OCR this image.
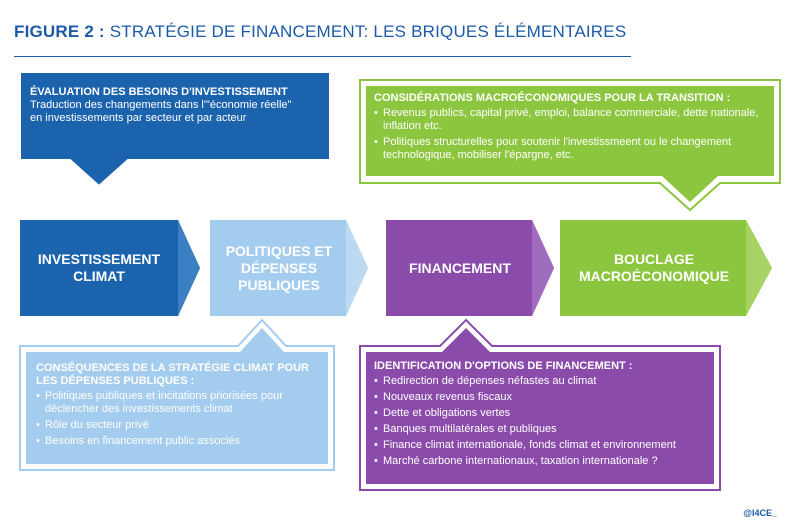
FIGURE 2 : STRATÉGIE DE FINANCEMENT: LES BRIQUES ÉLÉMENTAIRES
INVESTISSEMENT CLIMAT
POLITIQUES ET DÉPENSES PUBLIQUES
FINANCEMENT
BOUCLAGE MACROÉCONOMIQUE
ÉVALUATION DES BESOINS D'INVESTISSEMENT
Traduction des changements dans l'"économie réelle" en investissements par secteur et par acteur
CONSIDÉRATIONS MACROÉCONOMIQUES POUR LA TRANSITION :
• Revenus publics, capital privé, emploi, balance commerciale, dette nationale, inflation etc.
• Politiques structurelles pour soutenir l'investissmeent ou le changement technologique, mobiliser l'épargne, etc.
CONSÉQUENCES DE LA STRATÉGIE CLIMAT POUR LES DÉPENSES PUBLIQUES :
• Politiques publiques et incitations priorisées pour déclencher des investissements climat
• Rôle du secteur privé
• Besoins en financement public associés
IDENTIFICATION D'OPTIONS DE FINANCEMENT :
• Redirection de dépenses néfastes au climat
• Nouveaux revenus fiscaux
• Dette et obligations vertes
• Banques multilatérales et publiques
• Finance climat internationale, fonds climat et environnement
• Marché carbone internationaux, taxation internationale ?
@I4CE_
